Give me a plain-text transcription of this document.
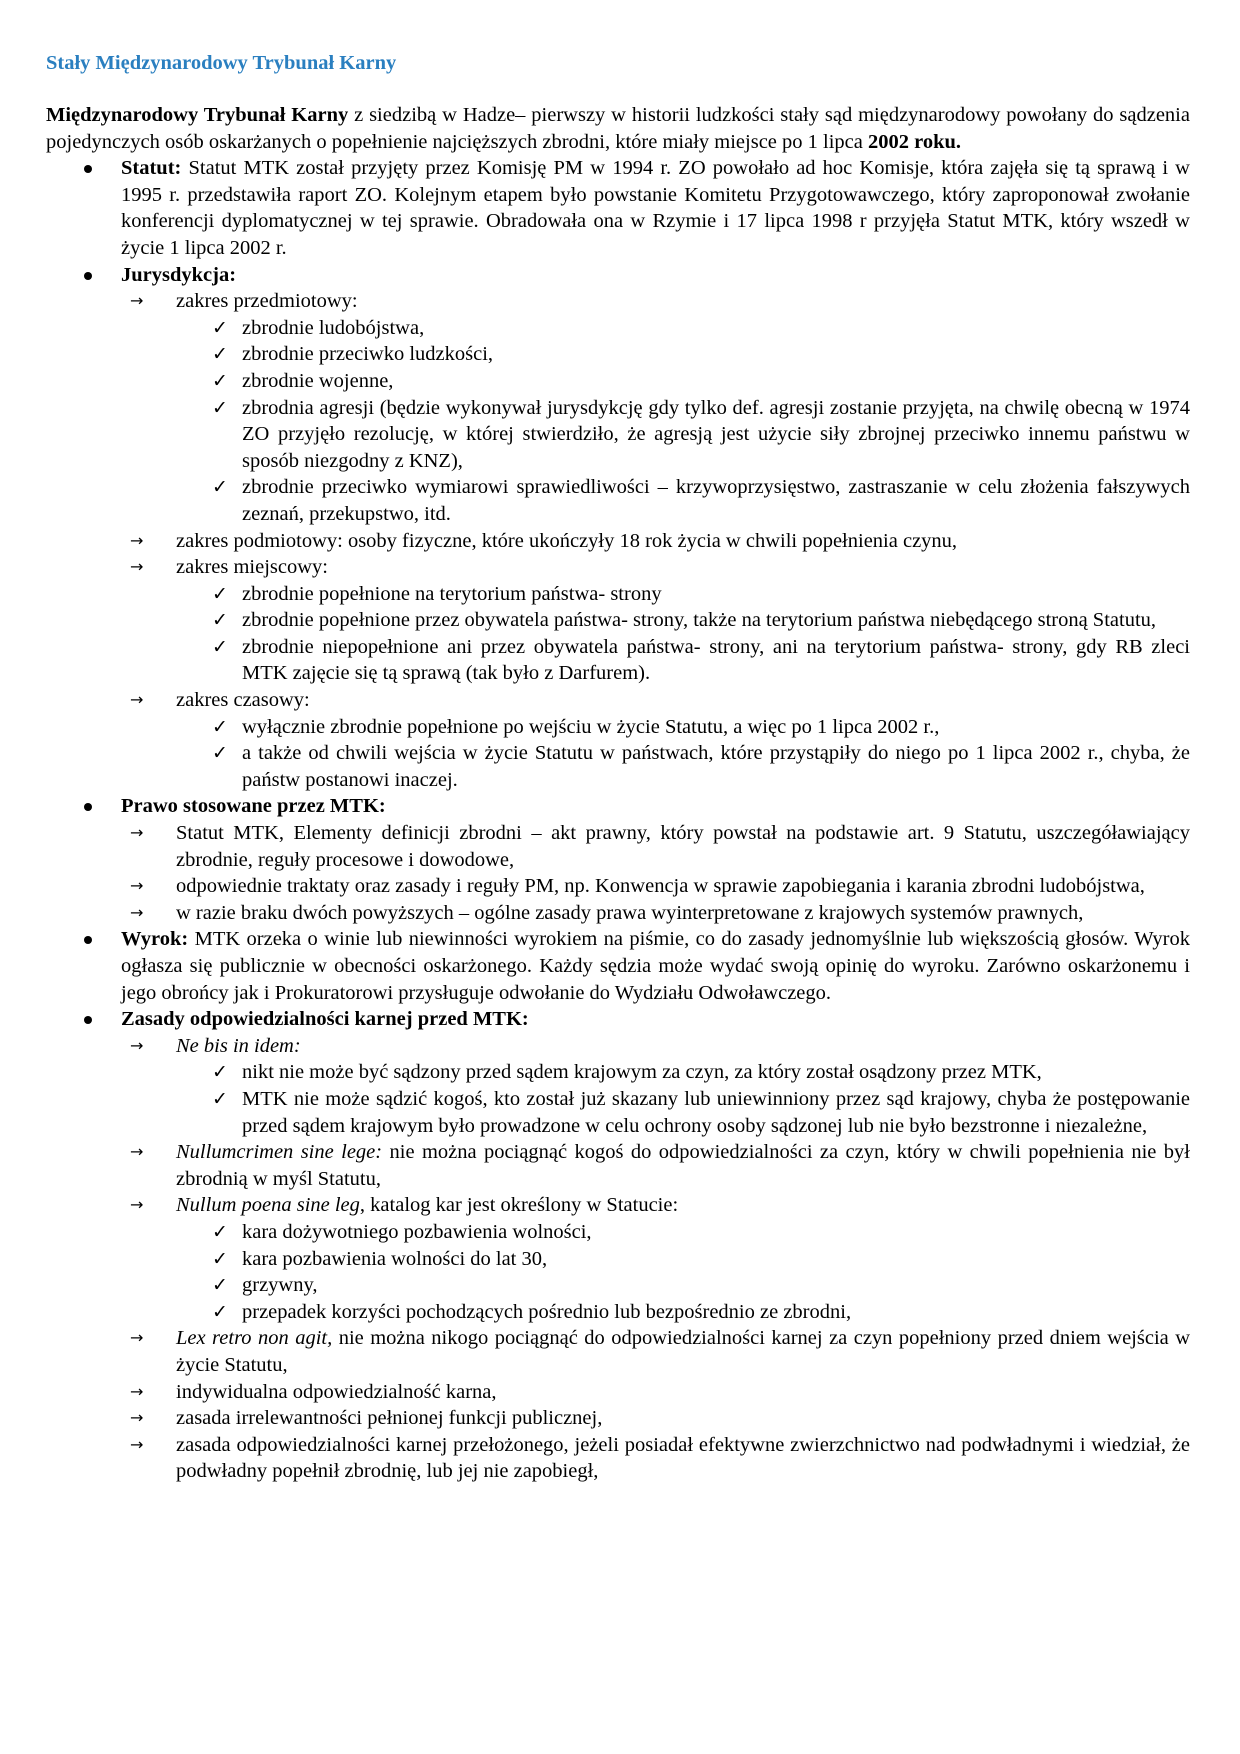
Stały Międzynarodowy Trybunał Karny

Międzynarodowy Trybunał Karny z siedzibą w Hadze– pierwszy w historii ludzkości stały sąd międzynarodowy powołany do sądzenia pojedynczych osób oskarżanych o popełnienie najcięższych zbrodni, które miały miejsce po 1 lipca 2002 roku.

Statut: Statut MTK został przyjęty przez Komisję PM w 1994 r. ZO powołało ad hoc Komisje, która zajęła się tą sprawą i w 1995 r. przedstawiła raport ZO. Kolejnym etapem było powstanie Komitetu Przygotowawczego, który zaproponował zwołanie konferencji dyplomatycznej w tej sprawie. Obradowała ona w Rzymie i 17 lipca 1998 r przyjęła Statut MTK, który wszedł w życie 1 lipca 2002 r.
Jurysdykcja:
→ zakres przedmiotowy:
✓ zbrodnie ludobójstwa,
✓ zbrodnie przeciwko ludzkości,
✓ zbrodnie wojenne,
✓ zbrodnia agresji (będzie wykonywał jurysdykcję gdy tylko def. agresji zostanie przyjęta, na chwilę obecną w 1974 ZO przyjęło rezolucję, w której stwierdziło, że agresją jest użycie siły zbrojnej przeciwko innemu państwu w sposób niezgodny z KNZ),
✓ zbrodnie przeciwko wymiarowi sprawiedliwości – krzywoprzysięstwo, zastraszanie w celu złożenia fałszywych zeznań, przekupstwo, itd.
→ zakres podmiotowy: osoby fizyczne, które ukończyły 18 rok życia w chwili popełnienia czynu,
→ zakres miejscowy:
✓ zbrodnie popełnione na terytorium państwa- strony
✓ zbrodnie popełnione przez obywatela państwa- strony, także na terytorium państwa niebędącego stroną Statutu,
✓ zbrodnie niepopełnione ani przez obywatela państwa- strony, ani na terytorium państwa- strony, gdy RB zleci MTK zajęcie się tą sprawą (tak było z Darfurem).
→ zakres czasowy:
✓ wyłącznie zbrodnie popełnione po wejściu w życie Statutu, a więc po 1 lipca 2002 r.,
✓ a także od chwili wejścia w życie Statutu w państwach, które przystąpiły do niego po 1 lipca 2002 r., chyba, że państw postanowi inaczej.
Prawo stosowane przez MTK:
→ Statut MTK, Elementy definicji zbrodni – akt prawny, który powstał na podstawie art. 9 Statutu, uszczegóławiający zbrodnie, reguły procesowe i dowodowe,
→ odpowiednie traktaty oraz zasady i reguły PM, np. Konwencja w sprawie zapobiegania i karania zbrodni ludobójstwa,
→ w razie braku dwóch powyższych – ogólne zasady prawa wyinterpretowane z krajowych systemów prawnych,
Wyrok: MTK orzeka o winie lub niewinności wyrokiem na piśmie, co do zasady jednomyślnie lub większością głosów. Wyrok ogłasza się publicznie w obecności oskarżonego. Każdy sędzia może wydać swoją opinię do wyroku. Zarówno oskarżonemu i jego obrońcy jak i Prokuratorowi przysługuje odwołanie do Wydziału Odwoławczego.
Zasady odpowiedzialności karnej przed MTK:
→ Ne bis in idem:
✓ nikt nie może być sądzony przed sądem krajowym za czyn, za który został osądzony przez MTK,
✓ MTK nie może sądzić kogoś, kto został już skazany lub uniewinniony przez sąd krajowy, chyba że postępowanie przed sądem krajowym było prowadzone w celu ochrony osoby sądzonej lub nie było bezstronne i niezależne,
→ Nullumcrimen sine lege: nie można pociągnąć kogoś do odpowiedzialności za czyn, który w chwili popełnienia nie był zbrodnią w myśl Statutu,
→ Nullum poena sine leg, katalog kar jest określony w Statucie:
✓ kara dożywotniego pozbawienia wolności,
✓ kara pozbawienia wolności do lat 30,
✓ grzywny,
✓ przepadek korzyści pochodzących pośrednio lub bezpośrednio ze zbrodni,
→ Lex retro non agit, nie można nikogo pociągnąć do odpowiedzialności karnej za czyn popełniony przed dniem wejścia w życie Statutu,
→ indywidualna odpowiedzialność karna,
→ zasada irrelewantności pełnionej funkcji publicznej,
→ zasada odpowiedzialności karnej przełożonego, jeżeli posiadał efektywne zwierzchnictwo nad podwładnymi i wiedział, że podwładny popełnił zbrodnię, lub jej nie zapobiegł,
